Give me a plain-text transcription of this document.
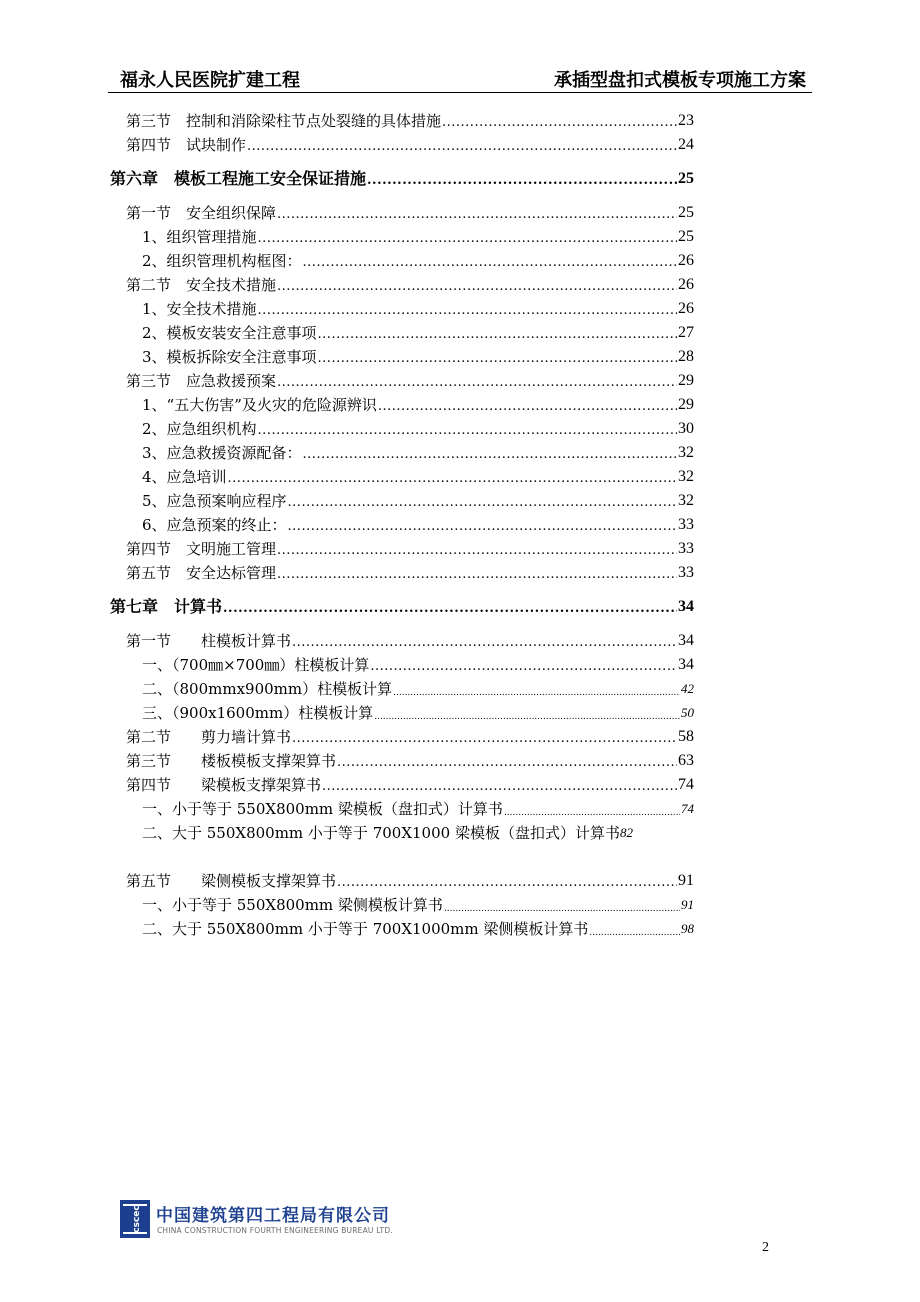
福永人民医院扩建工程	承插型盘扣式模板专项施工方案
第三节　控制和消除梁柱节点处裂缝的具体措施 .....	23
第四节　试块制作 .....	24
第六章　模板工程施工安全保证措施 .....	25
第一节　安全组织保障 .....	25
1、组织管理措施 .....	25
2、组织管理机构框图： .....	26
第二节　安全技术措施 .....	26
1、安全技术措施 .....	26
2、模板安装安全注意事项 .....	27
3、模板拆除安全注意事项 .....	28
第三节　应急救援预案 .....	29
1、“五大伤害”及火灾的危险源辨识 .....	29
2、应急组织机构 .....	30
3、应急救援资源配备： .....	32
4、应急培训 .....	32
5、应急预案响应程序 .....	32
6、应急预案的终止： .....	33
第四节　文明施工管理 .....	33
第五节　安全达标管理 .....	33
第七章　计算书 .....	34
第一节　　柱模板计算书 .....	34
一、（700㎜×700㎜）柱模板计算 .....	34
二、（800mmx900mm）柱模板计算 .....	42
三、（900x1600mm）柱模板计算 .....	50
第二节　　剪力墙计算书 .....	58
第三节　　楼板模板支撑架算书 .....	63
第四节　　梁模板支撑架算书 .....	74
一、小于等于 550X800mm 梁模板（盘扣式）计算书 .....	74
二、大于 550X800mm 小于等于 700X1000 梁模板（盘扣式）计算书 82
第五节　　梁侧模板支撑架算书 .....	91
一、小于等于 550X800mm 梁侧模板计算书 .....	91
二、大于 550X800mm 小于等于 700X1000mm 梁侧模板计算书 .....	98
cscec 中国建筑第四工程局有限公司
CHINA CONSTRUCTION FOURTH ENGINEERING BUREAU LTD.
2
